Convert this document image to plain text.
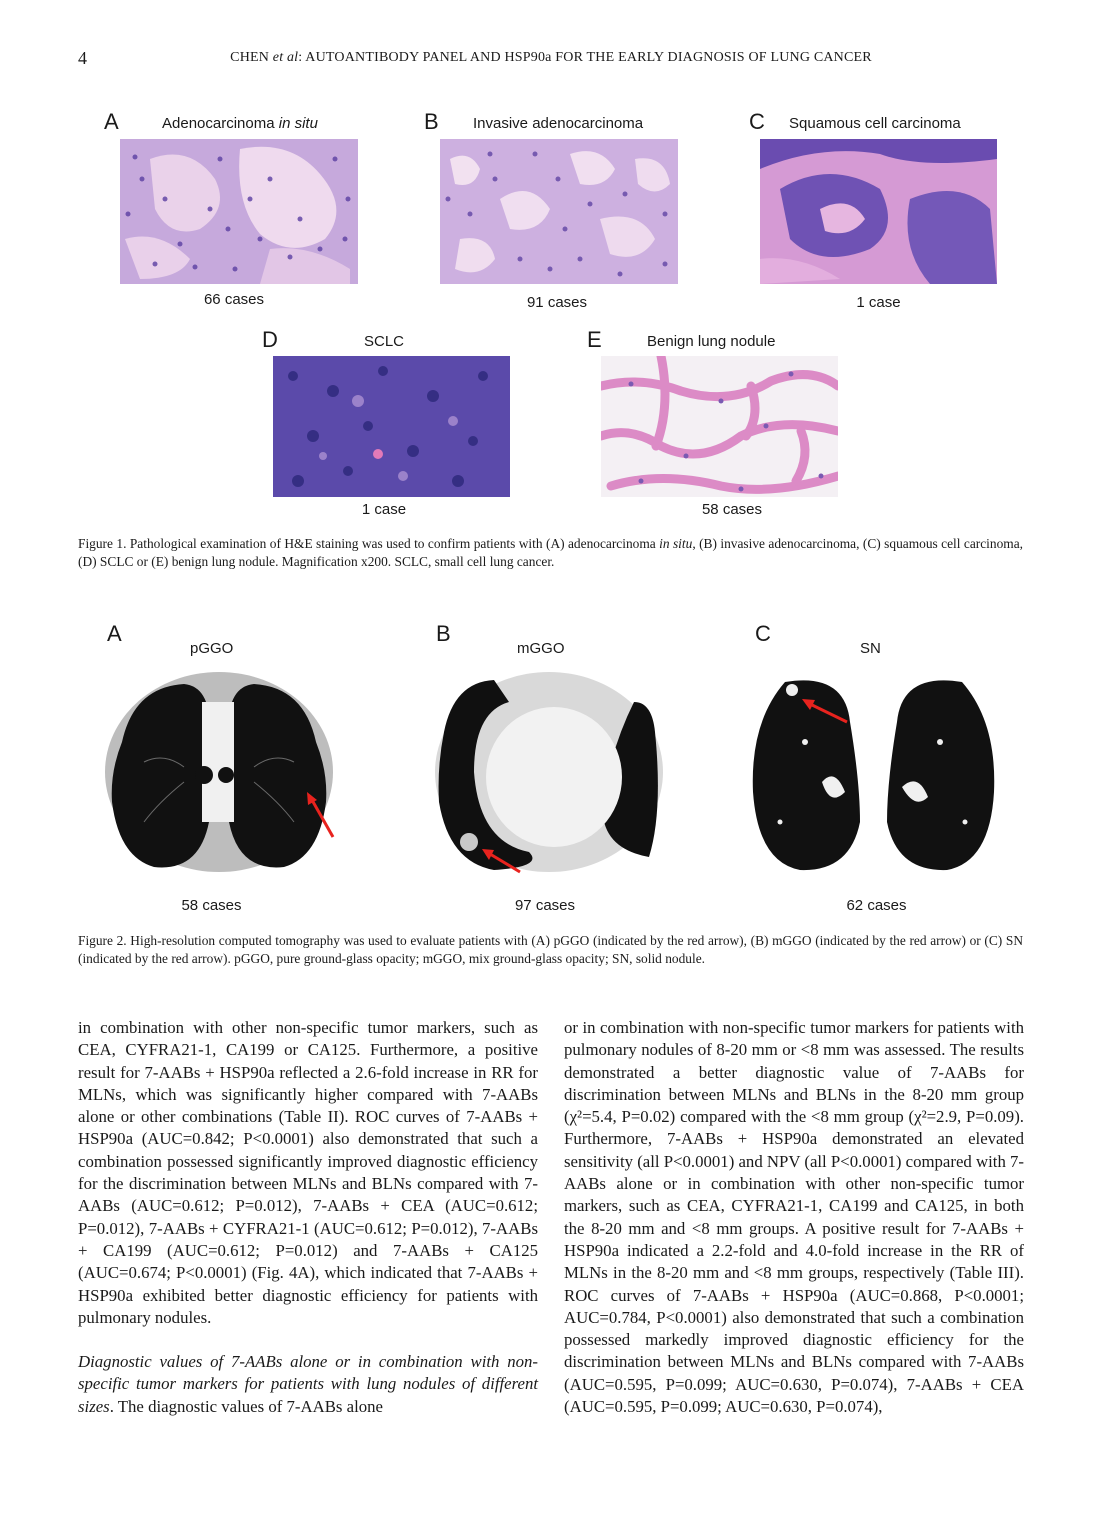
4	CHEN et al: AUTOANTIBODY PANEL AND HSP90a FOR THE EARLY DIAGNOSIS OF LUNG CANCER
A	Adenocarcinoma in situ
66 cases
B Invasive adenocarcinoma
91 cases
C Squamous cell carcinoma
1 case
D	SCLC
1 case
E	Benign lung nodule
58 cases
Figure 1. Pathological examination of H&E staining was used to confirm patients with (A) adenocarcinoma in situ, (B) invasive adenocarcinoma, (C) squamous cell carcinoma, (D) SCLC or (E) benign lung nodule. Magnification x200. SCLC, small cell lung cancer.
A
pGGO
58 cases
B
mGGO
97 cases
C
SN
62 cases
Figure 2. High-resolution computed tomography was used to evaluate patients with (A) pGGO (indicated by the red arrow), (B) mGGO (indicated by the red arrow) or (C) SN (indicated by the red arrow). pGGO, pure ground-glass opacity; mGGO, mix ground-glass opacity; SN, solid nodule.

in combination with other non-specific tumor markers, such as CEA, CYFRA21-1, CA199 or CA125. Furthermore, a positive result for 7-AABs + HSP90a reflected a 2.6-fold increase in RR for MLNs, which was significantly higher compared with 7-AABs alone or other combinations (Table II). ROC curves of 7-AABs + HSP90a (AUC=0.842; P<0.0001) also demonstrated that such a combination possessed significantly improved diagnostic efficiency for the discrimination between MLNs and BLNs compared with 7-AABs (AUC=0.612; P=0.012), 7-AABs + CEA (AUC=0.612; P=0.012), 7-AABs + CYFRA21-1 (AUC=0.612; P=0.012), 7-AABs + CA199 (AUC=0.612; P=0.012) and 7-AABs + CA125 (AUC=0.674; P<0.0001) (Fig. 4A), which indicated that 7-AABs + HSP90a exhibited better diagnostic efficiency for patients with pulmonary nodules.

Diagnostic values of 7-AABs alone or in combination with non-specific tumor markers for patients with lung nodules of different sizes. The diagnostic values of 7-AABs alone

or in combination with non-specific tumor markers for patients with pulmonary nodules of 8-20 mm or <8 mm was assessed. The results demonstrated a better diagnostic value of 7-AABs for discrimination between MLNs and BLNs in the 8-20 mm group (χ²=5.4, P=0.02) compared with the <8 mm group (χ²=2.9, P=0.09). Furthermore, 7-AABs + HSP90a demonstrated an elevated sensitivity (all P<0.0001) and NPV (all P<0.0001) compared with 7-AABs alone or in combination with other non-specific tumor markers, such as CEA, CYFRA21-1, CA199 and CA125, in both the 8-20 mm and <8 mm groups. A positive result for 7-AABs + HSP90a indicated a 2.2-fold and 4.0-fold increase in the RR of MLNs in the 8-20 mm and <8 mm groups, respectively (Table III). ROC curves of 7-AABs + HSP90a (AUC=0.868, P<0.0001; AUC=0.784, P<0.0001) also demonstrated that such a combination possessed markedly improved diagnostic efficiency for the discrimination between MLNs and BLNs compared with 7-AABs (AUC=0.595, P=0.099; AUC=0.630, P=0.074), 7-AABs + CEA (AUC=0.595, P=0.099; AUC=0.630, P=0.074),
